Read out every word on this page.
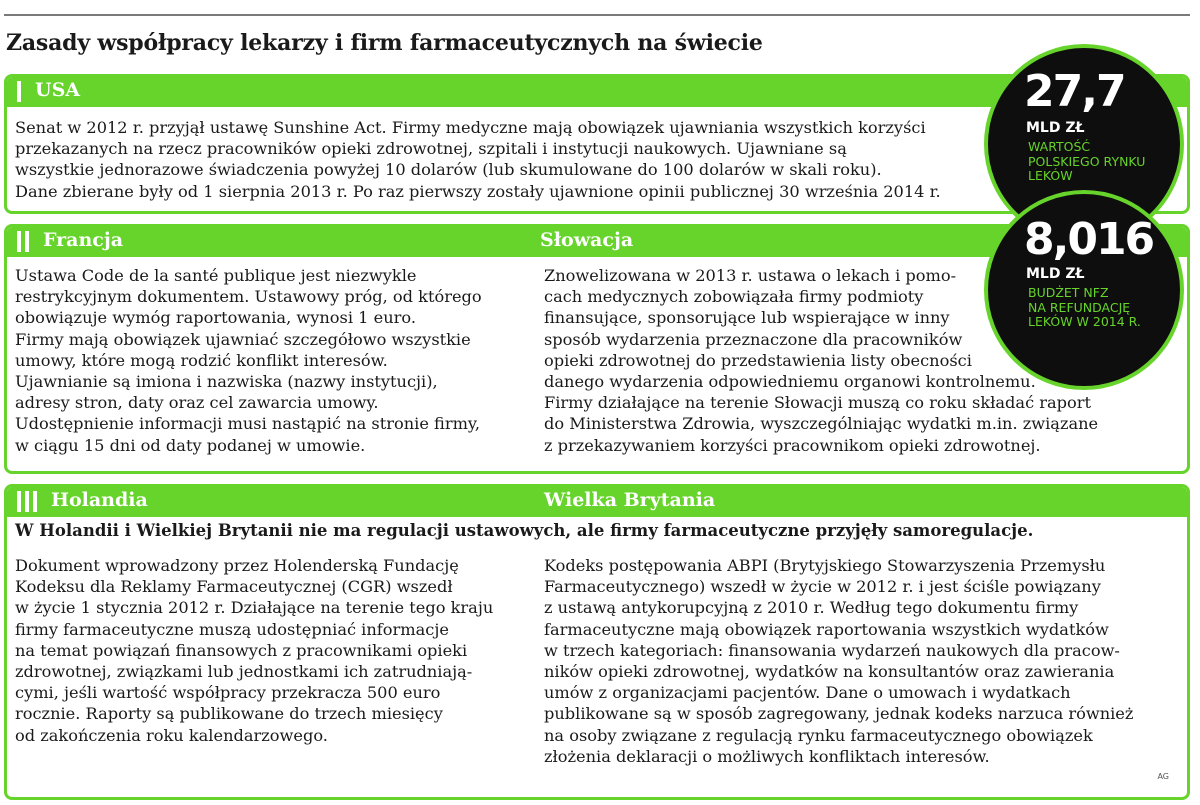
Zasady współpracy lekarzy i firm farmaceutycznych na świecie
USA
Senat w 2012 r. przyjął ustawę Sunshine Act. Firmy medyczne mają obowiązek ujawniania wszystkich korzyści
przekazanych na rzecz pracowników opieki zdrowotnej, szpitali i instytucji naukowych. Ujawniane są
wszystkie jednorazowe świadczenia powyżej 10 dolarów (lub skumulowane do 100 dolarów w skali roku).
Dane zbierane były od 1 sierpnia 2013 r. Po raz pierwszy zostały ujawnione opinii publicznej 30 września 2014 r.
Francja	Słowacja
Ustawa Code de la santé publique jest niezwykle
restrykcyjnym dokumentem. Ustawowy próg, od którego
obowiązuje wymóg raportowania, wynosi 1 euro.
Firmy mają obowiązek ujawniać szczegółowo wszystkie
umowy, które mogą rodzić konflikt interesów.
Ujawnianie są imiona i nazwiska (nazwy instytucji),
adresy stron, daty oraz cel zawarcia umowy.
Udostępnienie informacji musi nastąpić na stronie firmy,
w ciągu 15 dni od daty podanej w umowie.
Znowelizowana w 2013 r. ustawa o lekach i pomo-
cach medycznych zobowiązała firmy podmioty
finansujące, sponsorujące lub wspierające w inny
sposób wydarzenia przeznaczone dla pracowników
opieki zdrowotnej do przedstawienia listy obecności
danego wydarzenia odpowiedniemu organowi kontrolnemu.
Firmy działające na terenie Słowacji muszą co roku składać raport
do Ministerstwa Zdrowia, wyszczególniając wydatki m.in. związane
z przekazywaniem korzyści pracownikom opieki zdrowotnej.
Holandia	Wielka Brytania
W Holandii i Wielkiej Brytanii nie ma regulacji ustawowych, ale firmy farmaceutyczne przyjęły samoregulacje.
Dokument wprowadzony przez Holenderską Fundację
Kodeksu dla Reklamy Farmaceutycznej (CGR) wszedł
w życie 1 stycznia 2012 r. Działające na terenie tego kraju
firmy farmaceutyczne muszą udostępniać informacje
na temat powiązań finansowych z pracownikami opieki
zdrowotnej, związkami lub jednostkami ich zatrudniają-
cymi, jeśli wartość współpracy przekracza 500 euro
rocznie. Raporty są publikowane do trzech miesięcy
od zakończenia roku kalendarzowego.
Kodeks postępowania ABPI (Brytyjskiego Stowarzyszenia Przemysłu
Farmaceutycznego) wszedł w życie w 2012 r. i jest ściśle powiązany
z ustawą antykorupcyjną z 2010 r. Według tego dokumentu firmy
farmaceutyczne mają obowiązek raportowania wszystkich wydatków
w trzech kategoriach: finansowania wydarzeń naukowych dla pracow-
ników opieki zdrowotnej, wydatków na konsultantów oraz zawierania
umów z organizacjami pacjentów. Dane o umowach i wydatkach
publikowane są w sposób zagregowany, jednak kodeks narzuca również
na osoby związane z regulacją rynku farmaceutycznego obowiązek
złożenia deklaracji o możliwych konfliktach interesów.
AG
27,7
MLD ZŁ
WARTOŚĆ
POLSKIEGO RYNKU
LEKÓW
8,016
MLD ZŁ
BUDŻET NFZ
NA REFUNDACJĘ
LEKÓW W 2014 R.
